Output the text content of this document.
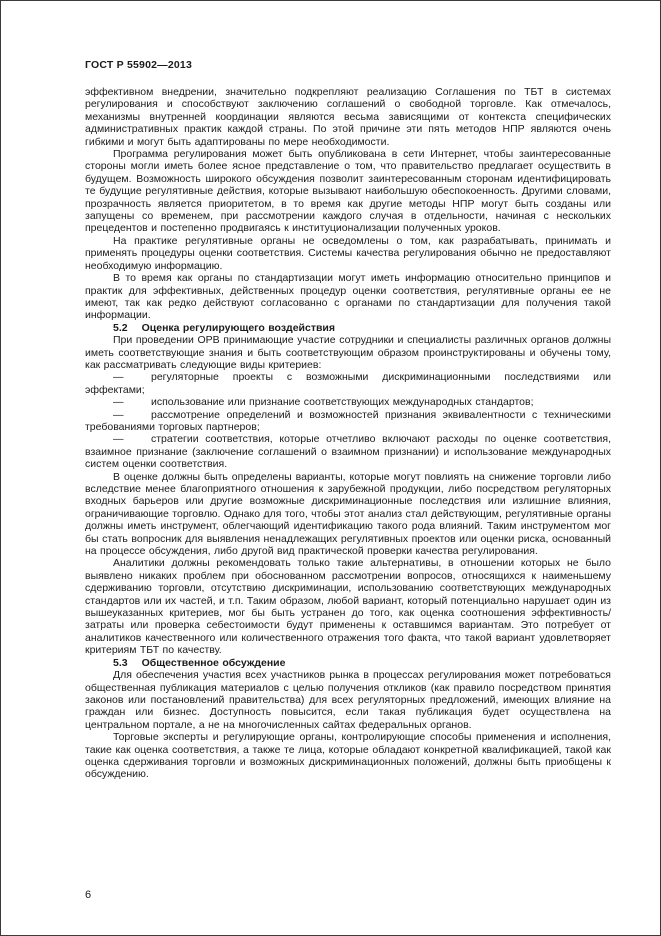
ГОСТ Р 55902—2013

эффективном внедрении, значительно подкрепляют реализацию Соглашения по ТБТ в системах регулирования и способствуют заключению соглашений о свободной торговле. Как отмечалось, механизмы внутренней координации являются весьма зависящими от контекста специфических административных практик каждой страны. По этой причине эти пять методов НПР являются очень гибкими и могут быть адаптированы по мере необходимости.

Программа регулирования может быть опубликована в сети Интернет, чтобы заинтересованные стороны могли иметь более ясное представление о том, что правительство предлагает осуществить в будущем. Возможность широкого обсуждения позволит заинтересованным сторонам идентифицировать те будущие регулятивные действия, которые вызывают наибольшую обеспокоенность. Другими словами, прозрачность является приоритетом, в то время как другие методы НПР могут быть созданы или запущены со временем, при рассмотрении каждого случая в отдельности, начиная с нескольких прецедентов и постепенно продвигаясь к институционализации полученных уроков.

На практике регулятивные органы не осведомлены о том, как разрабатывать, принимать и применять процедуры оценки соответствия. Системы качества регулирования обычно не предоставляют необходимую информацию.

В то время как органы по стандартизации могут иметь информацию относительно принципов и практик для эффективных, действенных процедур оценки соответствия, регулятивные органы ее не имеют, так как редко действуют согласованно с органами по стандартизации для получения такой информации.

5.2 Оценка регулирующего воздействия

При проведении ОРВ принимающие участие сотрудники и специалисты различных органов должны иметь соответствующие знания и быть соответствующим образом проинструктированы и обучены тому, как рассматривать следующие виды критериев:

—	регуляторные проекты с возможными дискриминационными последствиями или эффектами;

—	использование или признание соответствующих международных стандартов;

—	рассмотрение определений и возможностей признания эквивалентности с техническими требованиями торговых партнеров;

—	стратегии соответствия, которые отчетливо включают расходы по оценке соответствия, взаимное признание (заключение соглашений о взаимном признании) и использование международных систем оценки соответствия.

В оценке должны быть определены варианты, которые могут повлиять на снижение торговли либо вследствие менее благоприятного отношения к зарубежной продукции, либо посредством регуляторных входных барьеров или другие возможные дискриминационные последствия или излишние влияния, ограничивающие торговлю. Однако для того, чтобы этот анализ стал действующим, регулятивные органы должны иметь инструмент, облегчающий идентификацию такого рода влияний. Таким инструментом мог бы стать вопросник для выявления ненадлежащих регулятивных проектов или оценки риска, основанный на процессе обсуждения, либо другой вид практической проверки качества регулирования.

Аналитики должны рекомендовать только такие альтернативы, в отношении которых не было выявлено никаких проблем при обоснованном рассмотрении вопросов, относящихся к наименьшему сдерживанию торговли, отсутствию дискриминации, использованию соответствующих международных стандартов или их частей, и т.п. Таким образом, любой вариант, который потенциально нарушает один из вышеуказанных критериев, мог бы быть устранен до того, как оценка соотношения эффективность/затраты или проверка себестоимости будут применены к оставшимся вариантам. Это потребует от аналитиков качественного или количественного отражения того факта, что такой вариант удовлетворяет критериям ТБТ по качеству.

5.3 Общественное обсуждение

Для обеспечения участия всех участников рынка в процессах регулирования может потребоваться общественная публикация материалов с целью получения откликов (как правило посредством принятия законов или постановлений правительства) для всех регуляторных предложений, имеющих влияние на граждан или бизнес. Доступность повысится, если такая публикация будет осуществлена на центральном портале, а не на многочисленных сайтах федеральных органов.

Торговые эксперты и регулирующие органы, контролирующие способы применения и исполнения, такие как оценка соответствия, а также те лица, которые обладают конкретной квалификацией, такой как оценка сдерживания торговли и возможных дискриминационных положений, должны быть приобщены к обсуждению.

6
